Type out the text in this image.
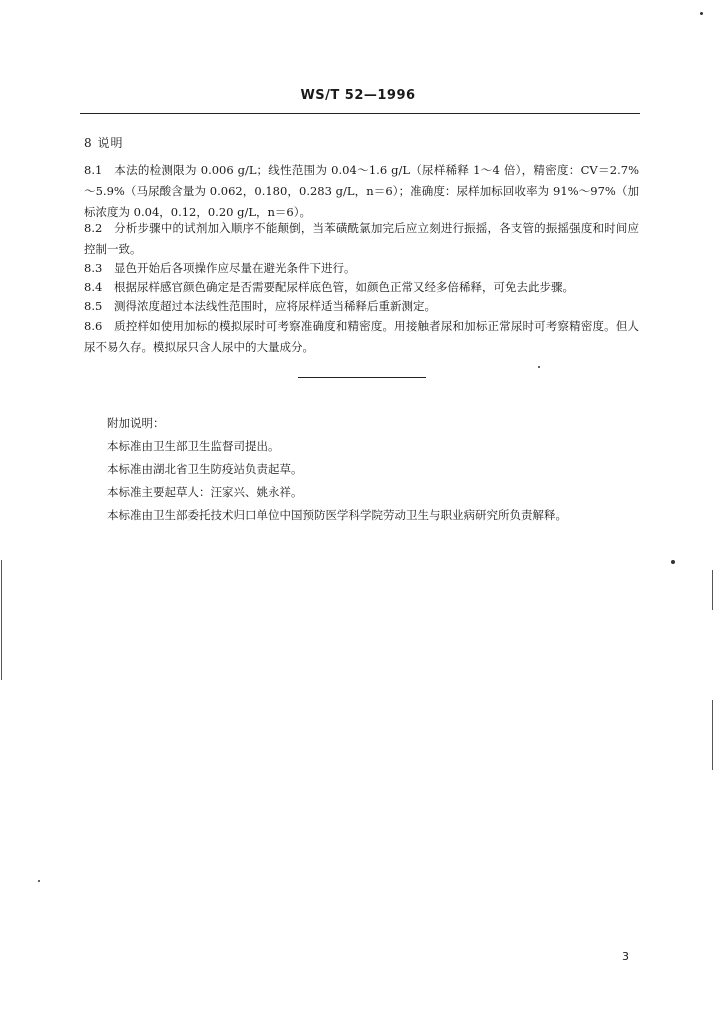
WS/T 52—1996
8 说明
8.1 本法的检测限为 0.006 g/L；线性范围为 0.04～1.6 g/L（尿样稀释 1～4 倍），精密度：CV＝2.7%～5.9%（马尿酸含量为 0.062，0.180，0.283 g/L，n＝6）；准确度：尿样加标回收率为 91%～97%（加标浓度为 0.04，0.12，0.20 g/L，n＝6）。
8.2 分析步骤中的试剂加入顺序不能颠倒，当苯磺酰氯加完后应立刻进行振摇，各支管的振摇强度和时间应控制一致。
8.3 显色开始后各项操作应尽量在避光条件下进行。
8.4 根据尿样感官颜色确定是否需要配尿样底色管，如颜色正常又经多倍稀释，可免去此步骤。
8.5 测得浓度超过本法线性范围时，应将尿样适当稀释后重新测定。
8.6 质控样如使用加标的模拟尿时可考察准确度和精密度。用接触者尿和加标正常尿时可考察精密度。但人尿不易久存。模拟尿只含人尿中的大量成分。
附加说明：
本标准由卫生部卫生监督司提出。
本标准由湖北省卫生防疫站负责起草。
本标准主要起草人：汪家兴、姚永祥。
本标准由卫生部委托技术归口单位中国预防医学科学院劳动卫生与职业病研究所负责解释。
3
